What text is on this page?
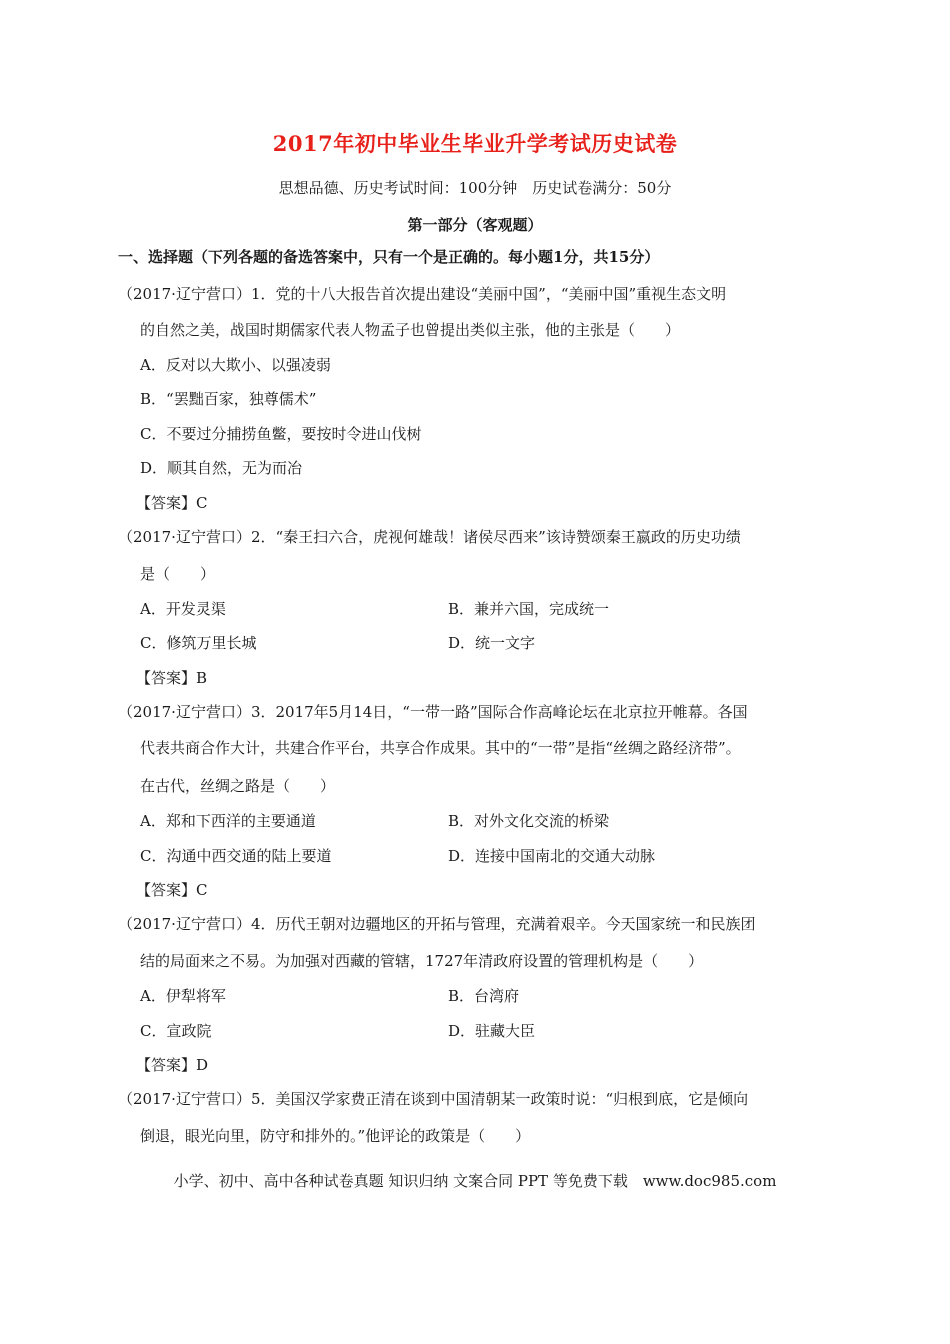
2017年初中毕业生毕业升学考试历史试卷
思想品德、历史考试时间：100分钟　历史试卷满分：50分
第一部分（客观题）
一、选择题（下列各题的备选答案中，只有一个是正确的。每小题1分，共15分）
（2017·辽宁营口）1．党的十八大报告首次提出建设“美丽中国”，“美丽中国”重视生态文明
的自然之美，战国时期儒家代表人物孟子也曾提出类似主张，他的主张是（　　）
A．反对以大欺小、以强凌弱
B．“罢黜百家，独尊儒术”
C．不要过分捕捞鱼鳖，要按时令进山伐树
D．顺其自然，无为而冶
【答案】C
（2017·辽宁营口）2．“秦王扫六合，虎视何雄哉！诸侯尽西来”该诗赞颂秦王嬴政的历史功绩
是（　　）
A．开发灵渠	B．兼并六国，完成统一
C．修筑万里长城	D．统一文字
【答案】B
（2017·辽宁营口）3．2017年5月14日，“一带一路”国际合作高峰论坛在北京拉开帷幕。各国
代表共商合作大计，共建合作平台，共享合作成果。其中的“一带”是指“丝绸之路经济带”。
在古代，丝绸之路是（　　）
A．郑和下西洋的主要通道	B．对外文化交流的桥梁
C．沟通中西交通的陆上要道	D．连接中国南北的交通大动脉
【答案】C
（2017·辽宁营口）4．历代王朝对边疆地区的开拓与管理，充满着艰辛。今天国家统一和民族团
结的局面来之不易。为加强对西藏的管辖，1727年清政府设置的管理机构是（　　）
A．伊犁将军	B．台湾府
C．宣政院	D．驻藏大臣
【答案】D
（2017·辽宁营口）5．美国汉学家费正清在谈到中国清朝某一政策时说：“归根到底，它是倾向
倒退，眼光向里，防守和排外的。”他评论的政策是（　　）
小学、初中、高中各种试卷真题 知识归纳 文案合同 PPT 等免费下载　www.doc985.com
